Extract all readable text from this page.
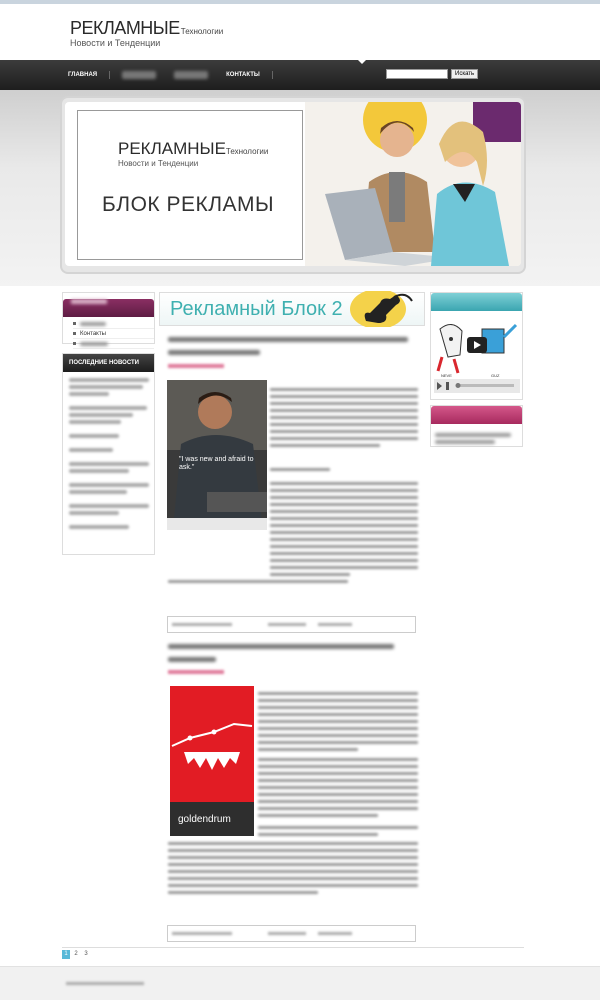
РЕКЛАМНЫЕТехнологии
Новости и Тенденции
ГЛАВНАЯ	КОНТАКТЫ	Искать
РЕКЛАМНЫЕТехнологии
Новости и Тенденции
БЛОК РЕКЛАМЫ
Контакты
ПОСЛЕДНИЕ НОВОСТИ
Рекламный Блок 2
"I was new and afraid to ask."
goldendrum
NEVE	GUZ
1	2	3
